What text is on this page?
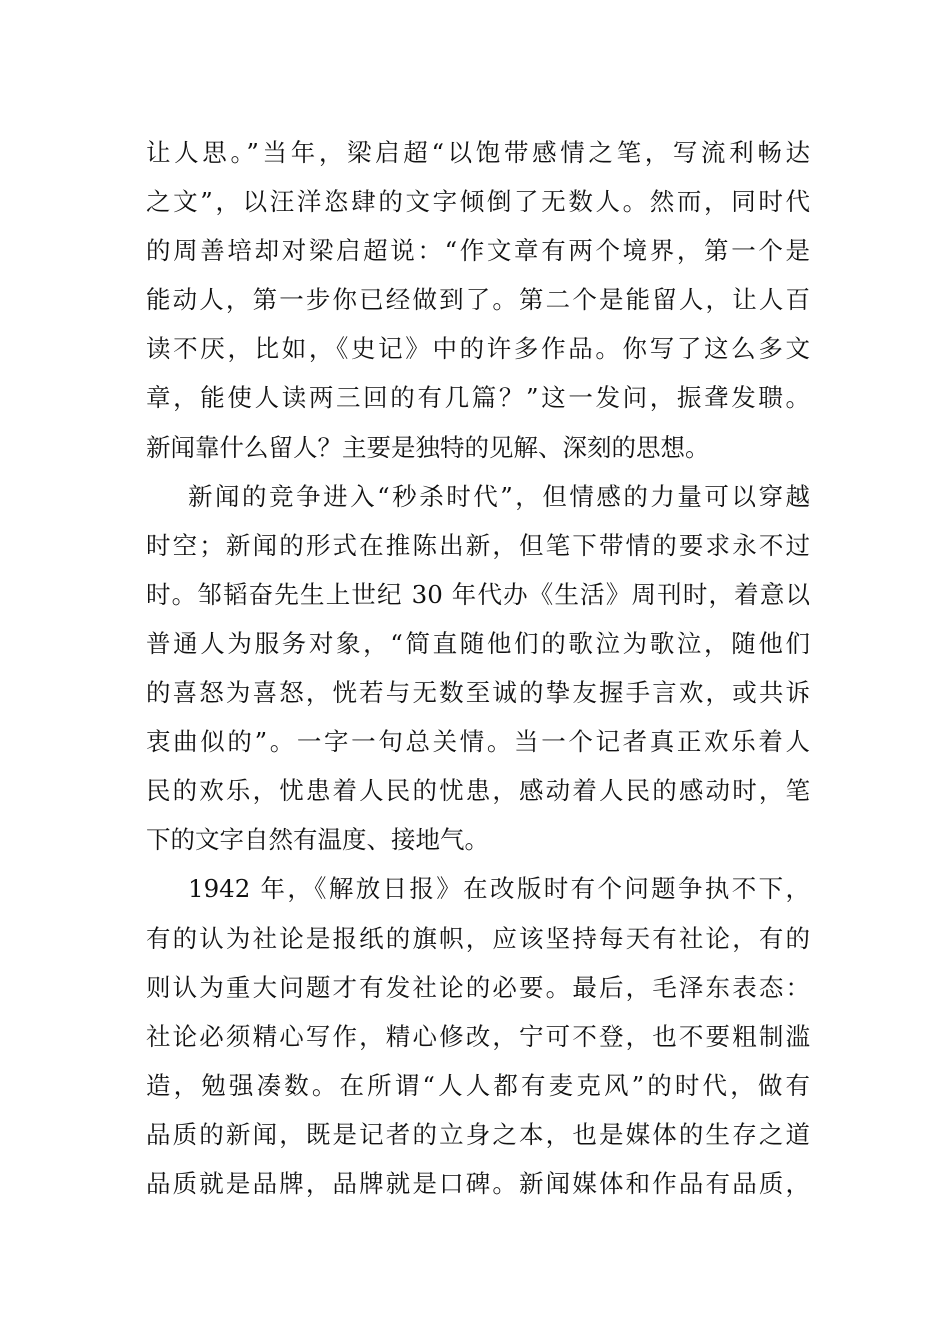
让人思。”当年，梁启超“以饱带感情之笔，写流利畅达
之文”，以汪洋恣肆的文字倾倒了无数人。然而，同时代
的周善培却对梁启超说：“作文章有两个境界，第一个是
能动人，第一步你已经做到了。第二个是能留人，让人百
读不厌，比如，《史记》中的许多作品。你写了这么多文
章，能使人读两三回的有几篇？”这一发问，振聋发聩。
新闻靠什么留人？主要是独特的见解、深刻的思想。
新闻的竞争进入“秒杀时代”，但情感的力量可以穿越
时空；新闻的形式在推陈出新，但笔下带情的要求永不过
时。邹韬奋先生上世纪 30 年代办《生活》周刊时，着意以
普通人为服务对象，“简直随他们的歌泣为歌泣，随他们
的喜怒为喜怒，恍若与无数至诚的挚友握手言欢，或共诉
衷曲似的”。一字一句总关情。当一个记者真正欢乐着人
民的欢乐，忧患着人民的忧患，感动着人民的感动时，笔
下的文字自然有温度、接地气。
1942 年，《解放日报》在改版时有个问题争执不下，
有的认为社论是报纸的旗帜，应该坚持每天有社论，有的
则认为重大问题才有发社论的必要。最后，毛泽东表态：
社论必须精心写作，精心修改，宁可不登，也不要粗制滥
造，勉强凑数。在所谓“人人都有麦克风”的时代，做有
品质的新闻，既是记者的立身之本，也是媒体的生存之道
品质就是品牌，品牌就是口碑。新闻媒体和作品有品质，
